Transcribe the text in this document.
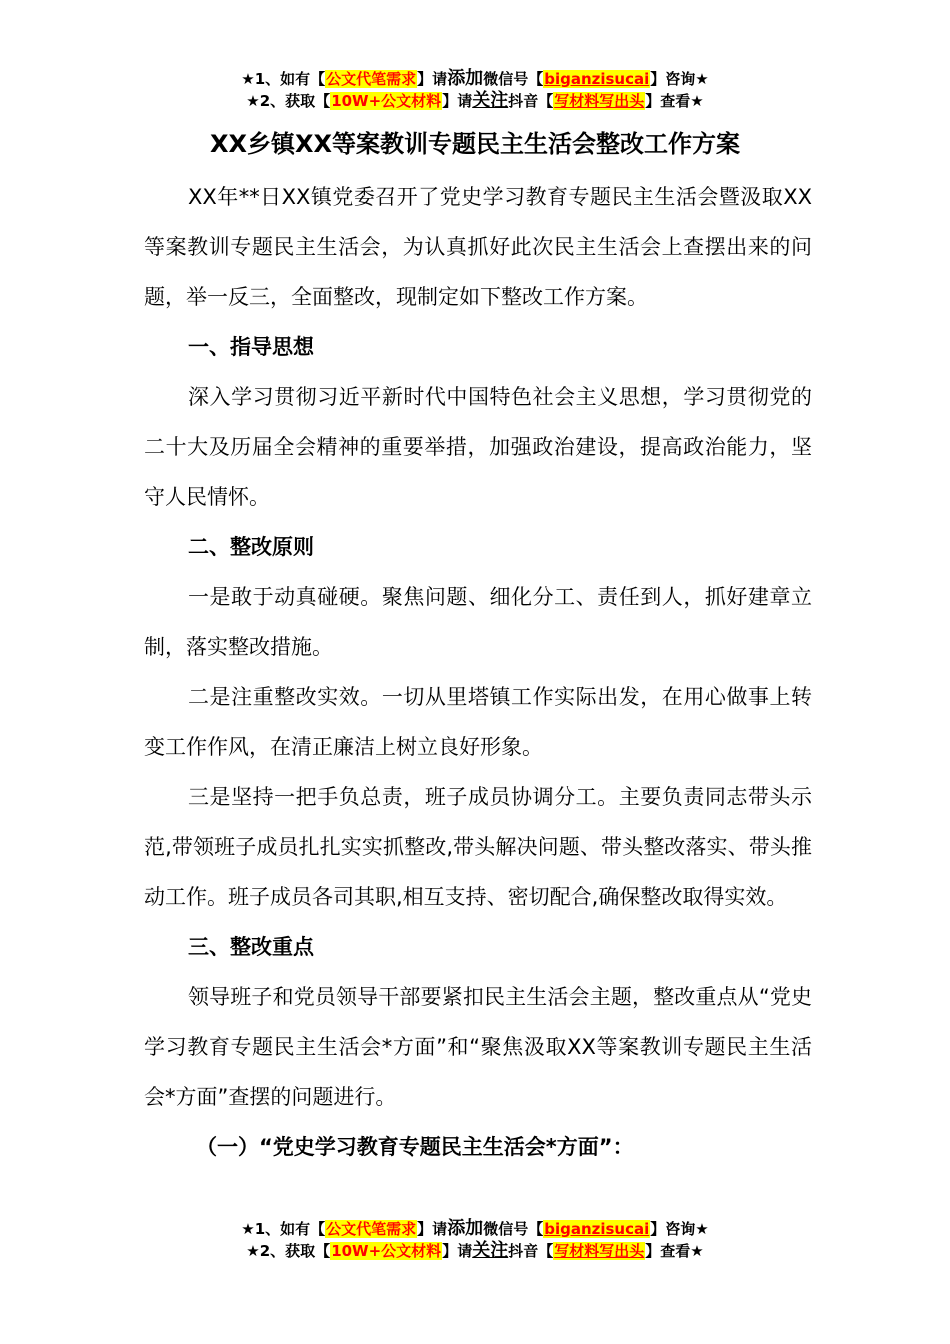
★1、如有【公文代笔需求】请添加微信号【biganzisucai】咨询★
★2、获取【10W+公文材料】请关注抖音【写材料写出头】查看★
XX乡镇XX等案教训专题民主生活会整改工作方案

XX年**日XX镇党委召开了党史学习教育专题民主生活会暨汲取XX等案教训专题民主生活会，为认真抓好此次民主生活会上查摆出来的问题，举一反三，全面整改，现制定如下整改工作方案。

一、指导思想

深入学习贯彻习近平新时代中国特色社会主义思想，学习贯彻党的二十大及历届全会精神的重要举措，加强政治建设，提高政治能力，坚守人民情怀。

二、整改原则

一是敢于动真碰硬。聚焦问题、细化分工、责任到人，抓好建章立制，落实整改措施。

二是注重整改实效。一切从里塔镇工作实际出发，在用心做事上转变工作作风，在清正廉洁上树立良好形象。

三是坚持一把手负总责，班子成员协调分工。主要负责同志带头示范,带领班子成员扎扎实实抓整改,带头解决问题、带头整改落实、带头推动工作。班子成员各司其职,相互支持、密切配合,确保整改取得实效。

三、整改重点

领导班子和党员领导干部要紧扣民主生活会主题，整改重点从“党史学习教育专题民主生活会*方面”和“聚焦汲取XX等案教训专题民主生活会*方面”查摆的问题进行。

（一）“党史学习教育专题民主生活会*方面”：

★1、如有【公文代笔需求】请添加微信号【biganzisucai】咨询★
★2、获取【10W+公文材料】请关注抖音【写材料写出头】查看★
